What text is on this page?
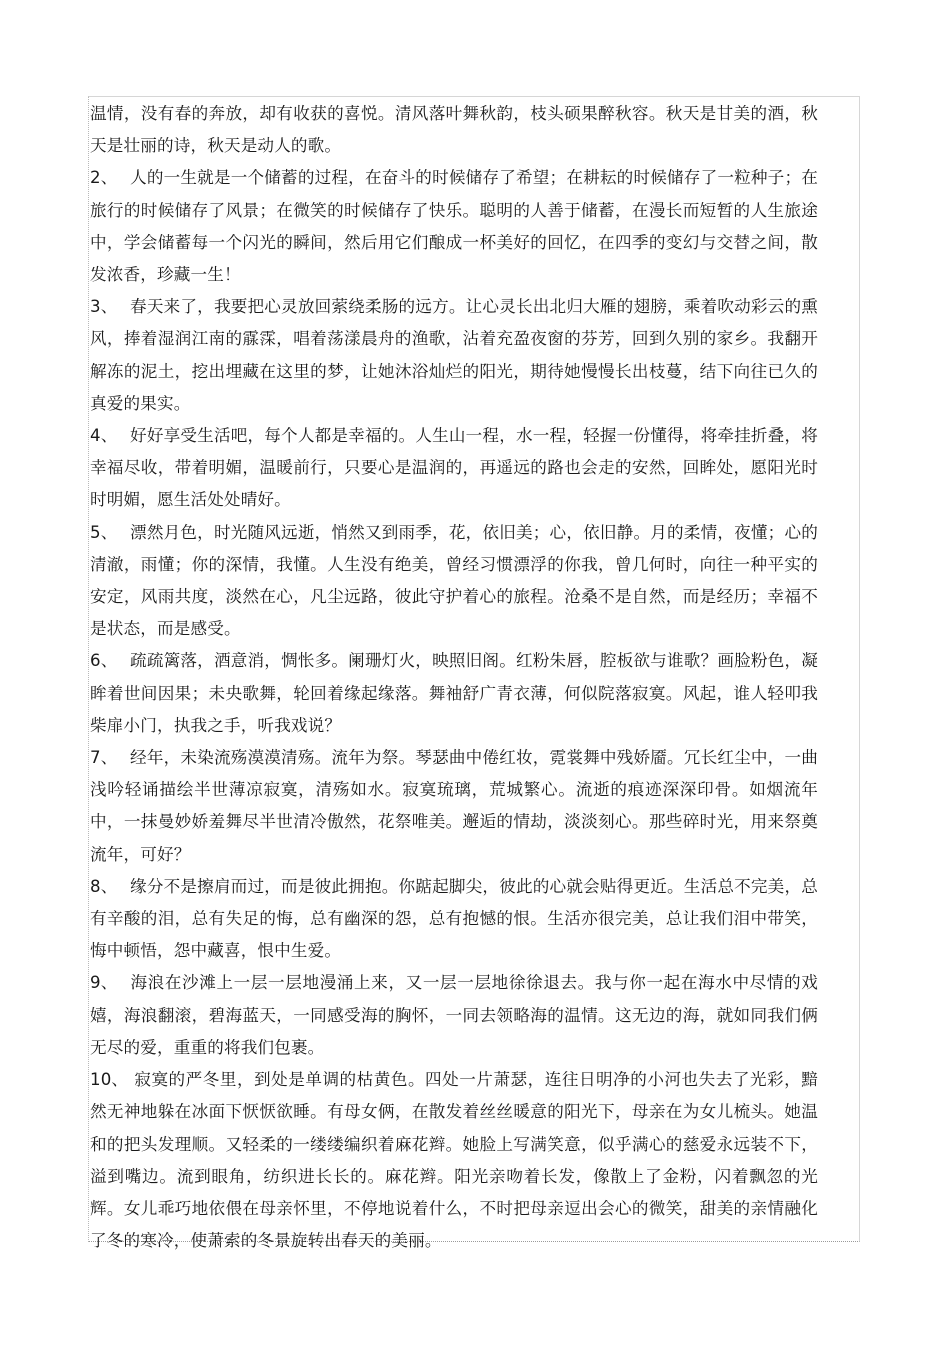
温情，没有春的奔放，却有收获的喜悦。清风落叶舞秋韵，枝头硕果醉秋容。秋天是甘美的酒，秋天是壮丽的诗，秋天是动人的歌。

2、 人的一生就是一个储蓄的过程，在奋斗的时候储存了希望；在耕耘的时候储存了一粒种子；在旅行的时候储存了风景；在微笑的时候储存了快乐。聪明的人善于储蓄，在漫长而短暂的人生旅途中，学会储蓄每一个闪光的瞬间，然后用它们酿成一杯美好的回忆，在四季的变幻与交替之间，散发浓香，珍藏一生！

3、 春天来了，我要把心灵放回萦绕柔肠的远方。让心灵长出北归大雁的翅膀，乘着吹动彩云的熏风，捧着湿润江南的霡霂，唱着荡漾晨舟的渔歌，沾着充盈夜窗的芬芳，回到久别的家乡。我翻开解冻的泥土，挖出埋藏在这里的梦，让她沐浴灿烂的阳光，期待她慢慢长出枝蔓，结下向往已久的真爱的果实。

4、 好好享受生活吧，每个人都是幸福的。人生山一程，水一程，轻握一份懂得，将牵挂折叠，将幸福尽收，带着明媚，温暖前行，只要心是温润的，再遥远的路也会走的安然，回眸处，愿阳光时时明媚，愿生活处处晴好。

5、 漂然月色，时光随风远逝，悄然又到雨季，花，依旧美；心，依旧静。月的柔情，夜懂；心的清澈，雨懂；你的深情，我懂。人生没有绝美，曾经习惯漂浮的你我，曾几何时，向往一种平实的安定，风雨共度，淡然在心，凡尘远路，彼此守护着心的旅程。沧桑不是自然，而是经历；幸福不是状态，而是感受。

6、 疏疏篱落，酒意消，惆怅多。阑珊灯火，映照旧阁。红粉朱唇，腔板欲与谁歌？画脸粉色，凝眸着世间因果；未央歌舞，轮回着缘起缘落。舞袖舒广青衣薄，何似院落寂寞。风起，谁人轻叩我柴扉小门，执我之手，听我戏说？

7、 经年，未染流殇漠漠清殇。流年为祭。琴瑟曲中倦红妆，霓裳舞中残娇靥。冗长红尘中，一曲浅吟轻诵描绘半世薄凉寂寞，清殇如水。寂寞琉璃，荒城繁心。流逝的痕迹深深印骨。如烟流年中，一抹曼妙娇羞舞尽半世清冷傲然，花祭唯美。邂逅的情劫，淡淡刻心。那些碎时光，用来祭奠流年，可好？

8、 缘分不是擦肩而过，而是彼此拥抱。你踮起脚尖，彼此的心就会贴得更近。生活总不完美，总有辛酸的泪，总有失足的悔，总有幽深的怨，总有抱憾的恨。生活亦很完美，总让我们泪中带笑，悔中顿悟，怨中藏喜，恨中生爱。

9、 海浪在沙滩上一层一层地漫涌上来，又一层一层地徐徐退去。我与你一起在海水中尽情的戏嬉，海浪翻滚，碧海蓝天，一同感受海的胸怀，一同去领略海的温情。这无边的海，就如同我们俩无尽的爱，重重的将我们包裹。

10、 寂寞的严冬里，到处是单调的枯黄色。四处一片萧瑟，连往日明净的小河也失去了光彩，黯然无神地躲在冰面下恹恹欲睡。有母女俩，在散发着丝丝暖意的阳光下，母亲在为女儿梳头。她温和的把头发理顺。又轻柔的一缕缕编织着麻花辫。她脸上写满笑意，似乎满心的慈爱永远装不下，溢到嘴边。流到眼角，纺织进长长的。麻花辫。阳光亲吻着长发，像散上了金粉，闪着飘忽的光辉。女儿乖巧地依偎在母亲怀里，不停地说着什么，不时把母亲逗出会心的微笑，甜美的亲情融化了冬的寒冷，使萧索的冬景旋转出春天的美丽。
